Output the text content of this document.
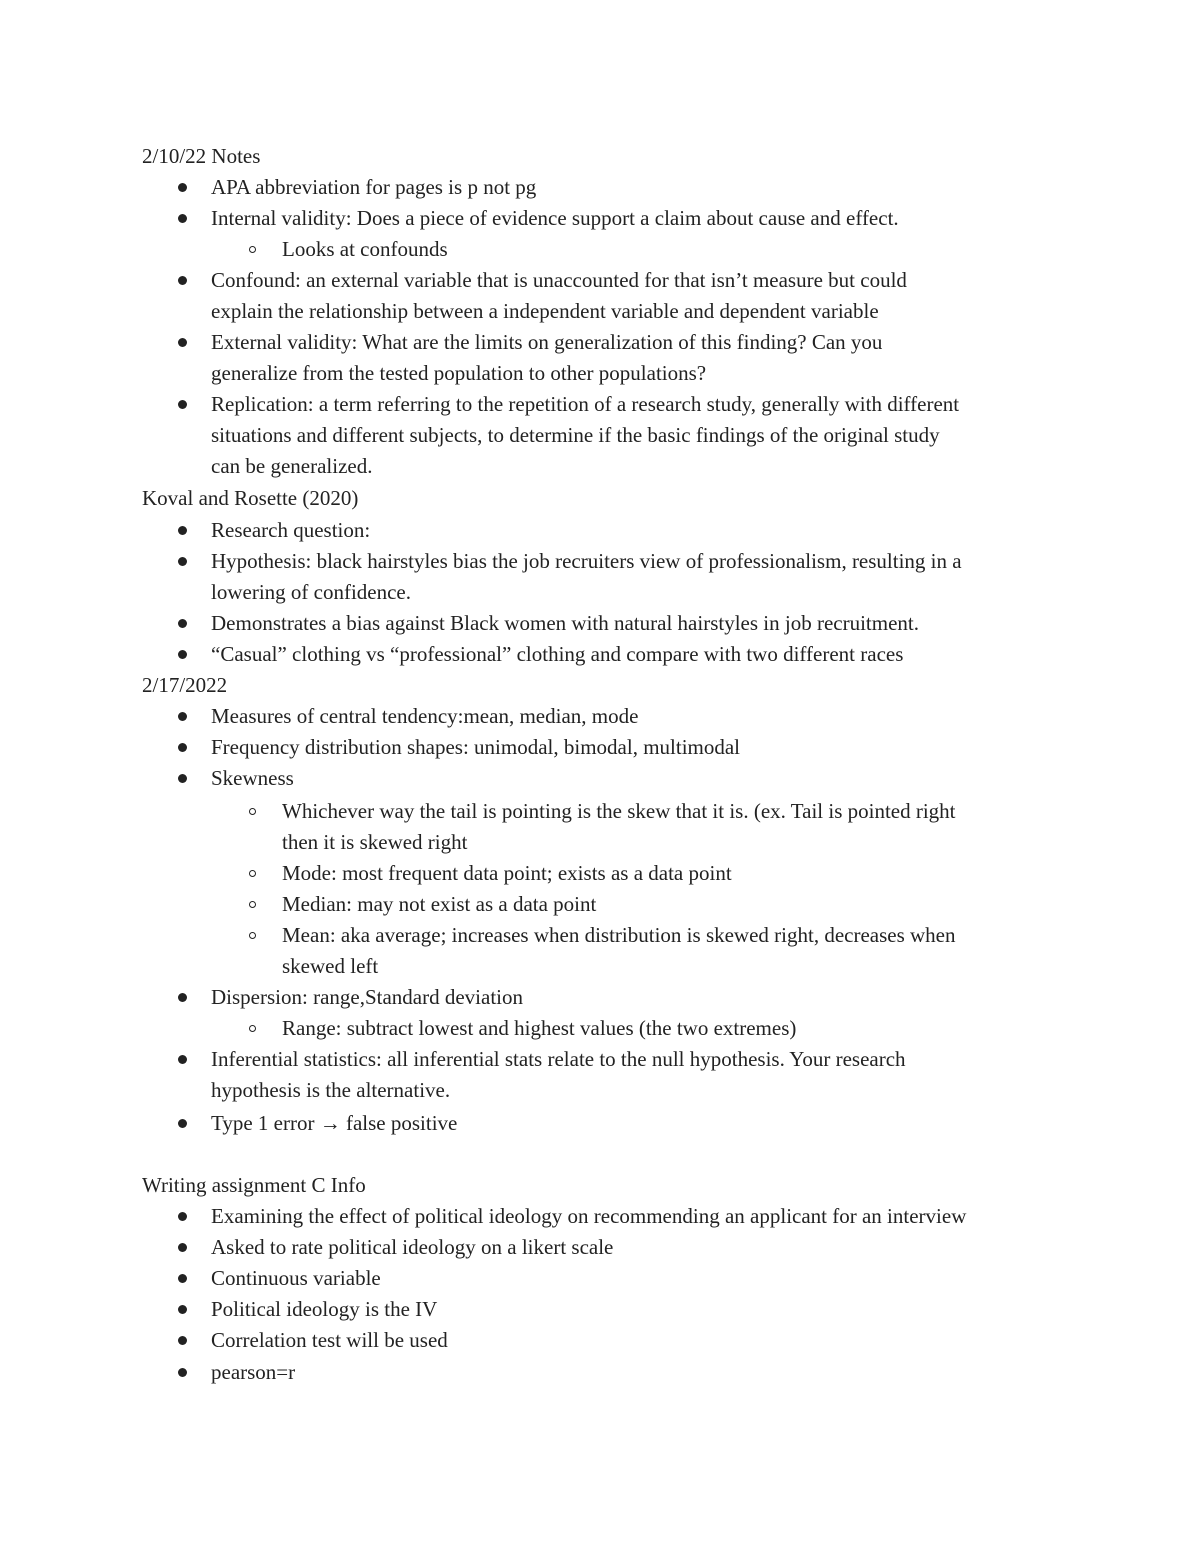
2/10/22 Notes
APA abbreviation for pages is p not pg
Internal validity: Does a piece of evidence support a claim about cause and effect.
Looks at confounds
Confound: an external variable that is unaccounted for that isn’t measure but could
explain the relationship between a independent variable and dependent variable
External validity: What are the limits on generalization of this finding? Can you
generalize from the tested population to other populations?
Replication: a term referring to the repetition of a research study, generally with different
situations and different subjects, to determine if the basic findings of the original study
can be generalized.
Koval and Rosette (2020)
Research question:
Hypothesis: black hairstyles bias the job recruiters view of professionalism, resulting in a
lowering of confidence.
Demonstrates a bias against Black women with natural hairstyles in job recruitment.
“Casual” clothing vs “professional” clothing and compare with two different races
2/17/2022
Measures of central tendency:mean, median, mode
Frequency distribution shapes: unimodal, bimodal, multimodal
Skewness
Whichever way the tail is pointing is the skew that it is. (ex. Tail is pointed right
then it is skewed right
Mode: most frequent data point; exists as a data point
Median: may not exist as a data point
Mean: aka average; increases when distribution is skewed right, decreases when
skewed left
Dispersion: range,Standard deviation
Range: subtract lowest and highest values (the two extremes)
Inferential statistics: all inferential stats relate to the null hypothesis. Your research
hypothesis is the alternative.
Type 1 error → false positive
Writing assignment C Info
Examining the effect of political ideology on recommending an applicant for an interview
Asked to rate political ideology on a likert scale
Continuous variable
Political ideology is the IV
Correlation test will be used
pearson=r
